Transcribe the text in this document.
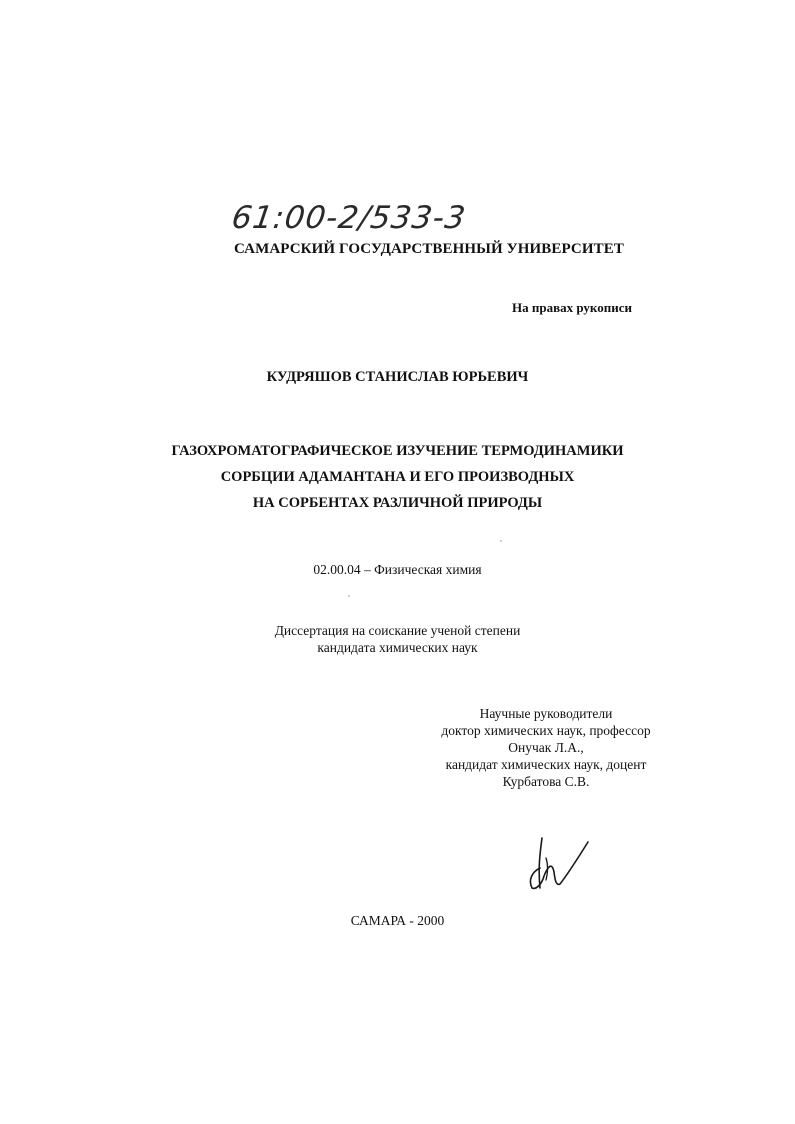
61:00-2/533-3
САМАРСКИЙ ГОСУДАРСТВЕННЫЙ УНИВЕРСИТЕТ
На правах рукописи
КУДРЯШОВ СТАНИСЛАВ ЮРЬЕВИЧ
ГАЗОХРОМАТОГРАФИЧЕСКОЕ ИЗУЧЕНИЕ ТЕРМОДИНАМИКИ
СОРБЦИИ АДАМАНТАНА И ЕГО ПРОИЗВОДНЫХ
НА СОРБЕНТАХ РАЗЛИЧНОЙ ПРИРОДЫ
02.00.04 – Физическая химия
Диссертация на соискание ученой степени
кандидата химических наук
Научные руководители
доктор химических наук, профессор
Онучак Л.А.,
кандидат химических наук, доцент
Курбатова С.В.
САМАРА - 2000
